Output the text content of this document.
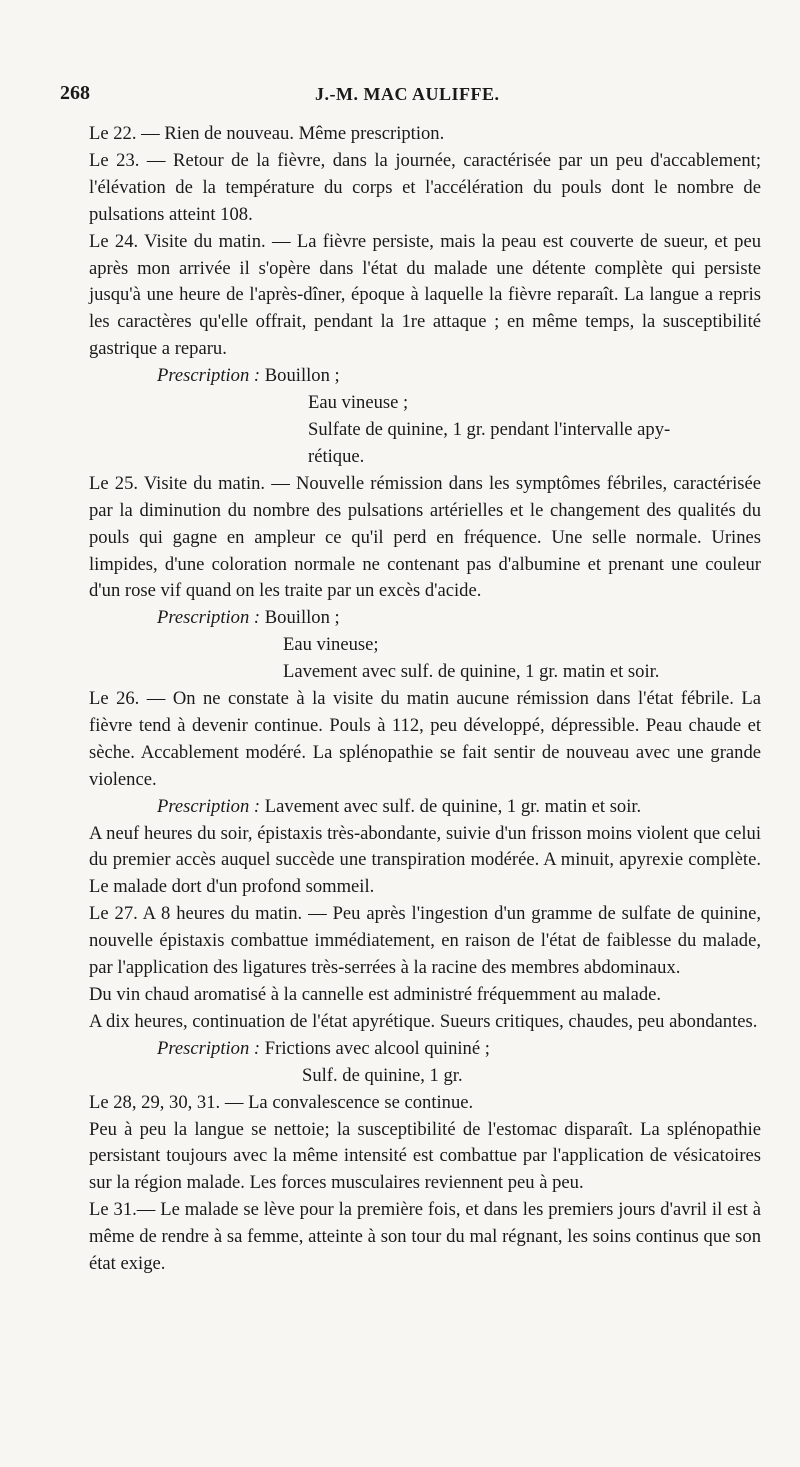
268	J.-M. MAC AULIFFE.

Le 22. — Rien de nouveau. Même prescription.

Le 23. — Retour de la fièvre, dans la journée, caractérisée par un peu d'accablement; l'élévation de la température du corps et l'accélération du pouls dont le nombre de pulsations atteint 108.

Le 24. Visite du matin. — La fièvre persiste, mais la peau est couverte de sueur, et peu après mon arrivée il s'opère dans l'état du malade une détente complète qui persiste jusqu'à une heure de l'après-dîner, époque à laquelle la fièvre reparaît. La langue a repris les caractères qu'elle offrait, pendant la 1re attaque ; en même temps, la susceptibilité gastrique a reparu.

Prescription : Bouillon ;

Eau vineuse ;

Sulfate de quinine, 1 gr. pendant l'intervalle apy-

rétique.

Le 25. Visite du matin. — Nouvelle rémission dans les symptômes fébriles, caractérisée par la diminution du nombre des pulsations artérielles et le changement des qualités du pouls qui gagne en ampleur ce qu'il perd en fréquence. Une selle normale. Urines limpides, d'une coloration normale ne contenant pas d'albumine et prenant une couleur d'un rose vif quand on les traite par un excès d'acide.

Prescription : Bouillon ;

Eau vineuse;

Lavement avec sulf. de quinine, 1 gr. matin et soir.

Le 26. — On ne constate à la visite du matin aucune rémission dans l'état fébrile. La fièvre tend à devenir continue. Pouls à 112, peu développé, dépressible. Peau chaude et sèche. Accablement modéré. La splénopathie se fait sentir de nouveau avec une grande violence.

Prescription : Lavement avec sulf. de quinine, 1 gr. matin et soir.

A neuf heures du soir, épistaxis très-abondante, suivie d'un frisson moins violent que celui du premier accès auquel succède une transpiration modérée. A minuit, apyrexie complète. Le malade dort d'un profond sommeil.

Le 27. A 8 heures du matin. — Peu après l'ingestion d'un gramme de sulfate de quinine, nouvelle épistaxis combattue immédiatement, en raison de l'état de faiblesse du malade, par l'application des ligatures très-serrées à la racine des membres abdominaux.

Du vin chaud aromatisé à la cannelle est administré fréquemment au malade.

A dix heures, continuation de l'état apyrétique. Sueurs critiques, chaudes, peu abondantes.

Prescription : Frictions avec alcool quininé ;

Sulf. de quinine, 1 gr.

Le 28, 29, 30, 31. — La convalescence se continue.

Peu à peu la langue se nettoie; la susceptibilité de l'estomac disparaît. La splénopathie persistant toujours avec la même intensité est combattue par l'application de vésicatoires sur la région malade. Les forces musculaires reviennent peu à peu.

Le 31.— Le malade se lève pour la première fois, et dans les premiers jours d'avril il est à même de rendre à sa femme, atteinte à son tour du mal régnant, les soins continus que son état exige.
